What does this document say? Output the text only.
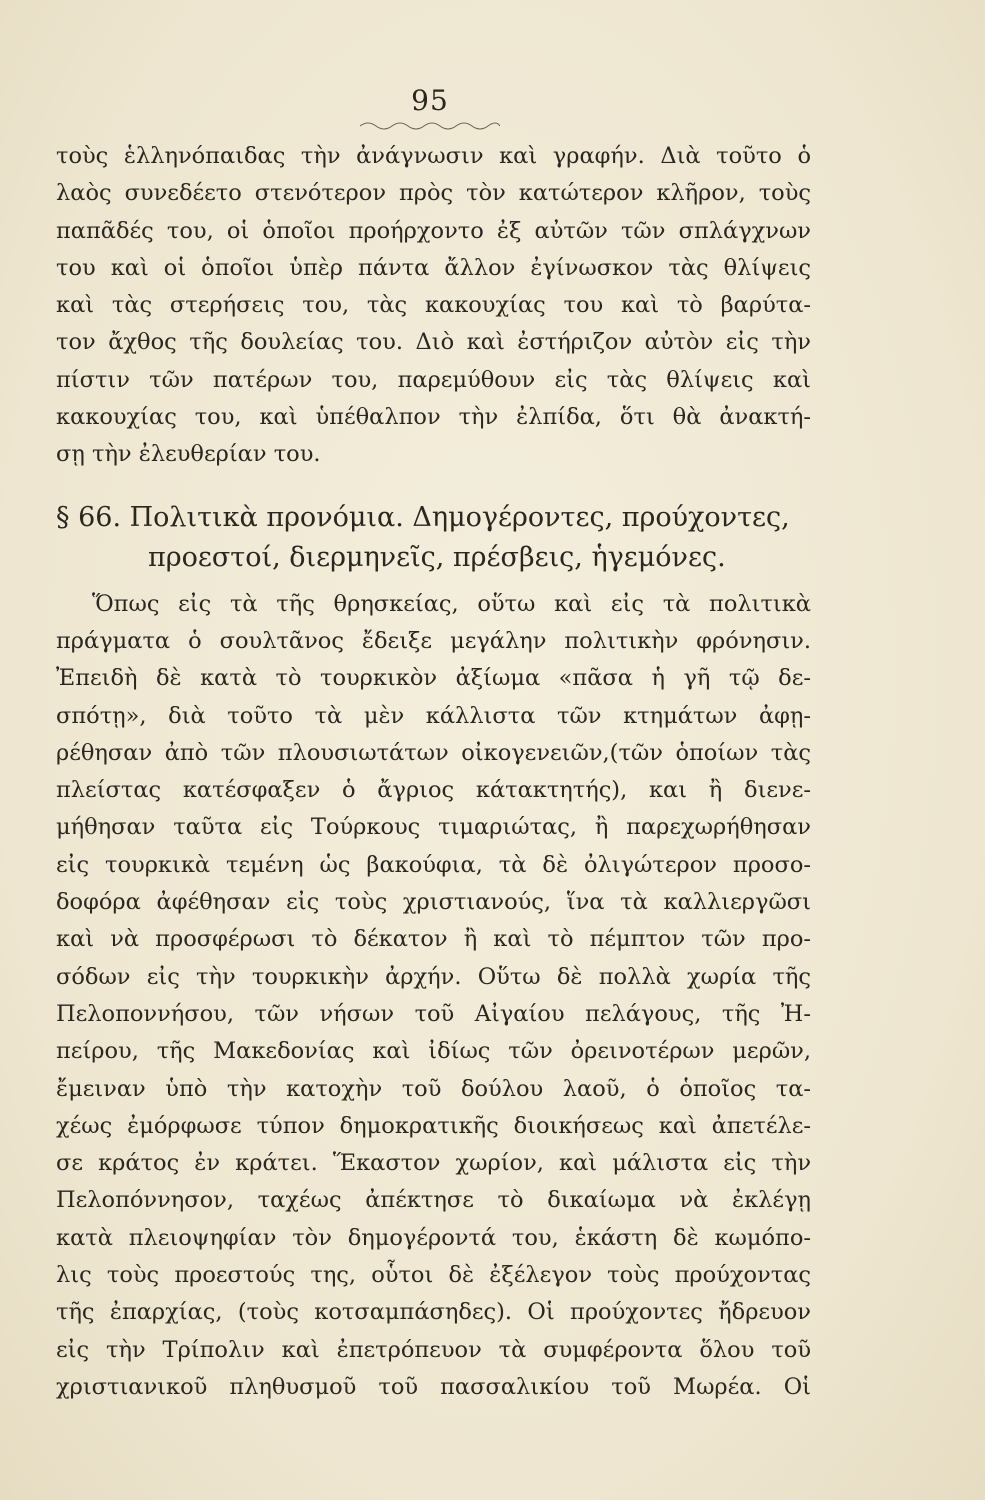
95
τοὺς ἑλληνόπαιδας τὴν ἀνάγνωσιν καὶ γραφήν. Διὰ τοῦτο ὁ
λαὸς συνεδέετο στενότερον πρὸς τὸν κατώτερον κλῆρον, τοὺς
παπᾶδές του, οἱ ὁποῖοι προήρχοντο ἐξ αὐτῶν τῶν σπλάγχνων
του καὶ οἱ ὁποῖοι ὑπὲρ πάντα ἄλλον ἐγίνωσκον τὰς θλίψεις
καὶ τὰς στερήσεις του, τὰς κακουχίας του καὶ τὸ βαρύτα-
τον ἄχθος τῆς δουλείας του. Διὸ καὶ ἐστήριζον αὐτὸν εἰς τὴν
πίστιν τῶν πατέρων του, παρεμύθουν εἰς τὰς θλίψεις καὶ
κακουχίας του, καὶ ὑπέθαλπον τὴν ἐλπίδα, ὅτι θὰ ἀνακτή-
σῃ τὴν ἐλευθερίαν του.
§ 66. Πολιτικὰ προνόμια. Δημογέροντες, προύχοντες,
προεστοί, διερμηνεῖς, πρέσβεις, ἡγεμόνες.
Ὅπως εἰς τὰ τῆς θρησκείας, οὕτω καὶ εἰς τὰ πολιτικὰ
πράγματα ὁ σουλτᾶνος ἔδειξε μεγάλην πολιτικὴν φρόνησιν.
Ἐπειδὴ δὲ κατὰ τὸ τουρκικὸν ἀξίωμα «πᾶσα ἡ γῆ τῷ δε-
σπότῃ», διὰ τοῦτο τὰ μὲν κάλλιστα τῶν κτημάτων ἀφῃ-
ρέθησαν ἀπὸ τῶν πλουσιωτάτων οἰκογενειῶν,(τῶν ὁποίων τὰς
πλείστας κατέσφαξεν ὁ ἄγριος κάτακτητής), και ἢ διενε-
μήθησαν ταῦτα εἰς Τούρκους τιμαριώτας, ἢ παρεχωρήθησαν
εἰς τουρκικὰ τεμένη ὡς βακούφια, τὰ δὲ ὀλιγώτερον προσο-
δοφόρα ἀφέθησαν εἰς τοὺς χριστιανούς, ἵνα τὰ καλλιεργῶσι
καὶ νὰ προσφέρωσι τὸ δέκατον ἢ καὶ τὸ πέμπτον τῶν προ-
σόδων εἰς τὴν τουρκικὴν ἀρχήν. Οὕτω δὲ πολλὰ χωρία τῆς
Πελοποννήσου, τῶν νήσων τοῦ Αἰγαίου πελάγους, τῆς Ἠ-
πείρου, τῆς Μακεδονίας καὶ ἰδίως τῶν ὀρεινοτέρων μερῶν,
ἔμειναν ὑπὸ τὴν κατοχὴν τοῦ δούλου λαοῦ, ὁ ὁποῖος τα-
χέως ἐμόρφωσε τύπον δημοκρατικῆς διοικήσεως καὶ ἀπετέλε-
σε κράτος ἐν κράτει. Ἕκαστον χωρίον, καὶ μάλιστα εἰς τὴν
Πελοπόννησον, ταχέως ἀπέκτησε τὸ δικαίωμα νὰ ἐκλέγῃ
κατὰ πλειοψηφίαν τὸν δημογέροντά του, ἑκάστη δὲ κωμόπο-
λις τοὺς προεστούς της, οὗτοι δὲ ἐξέλεγον τοὺς προύχοντας
τῆς ἐπαρχίας, (τοὺς κοτσαμπάσηδες). Οἱ προύχοντες ἤδρευον
εἰς τὴν Τρίπολιν καὶ ἐπετρόπευον τὰ συμφέροντα ὅλου τοῦ
χριστιανικοῦ πληθυσμοῦ τοῦ πασσαλικίου τοῦ Μωρέα. Οἱ
